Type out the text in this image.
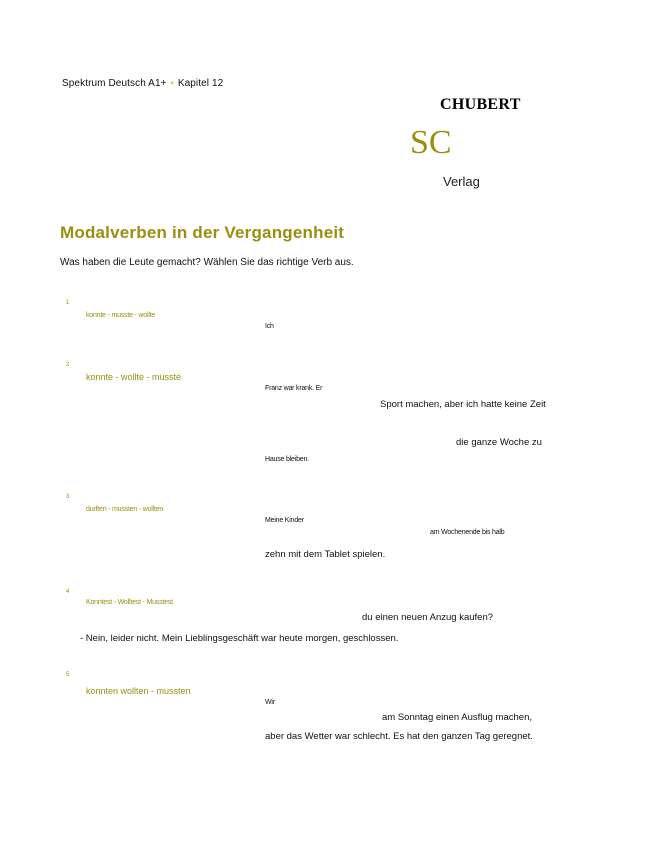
Spektrum Deutsch A1+ • Kapitel 12
CHUBERT
SC
Verlag
Modalverben in der Vergangenheit
Was haben die Leute gemacht? Wählen Sie das richtige Verb aus.
1
konnte - musste - wollte
Ich
2
konnte - wollte - musste
Franz war krank. Er
Sport machen, aber ich hatte keine Zeit
die ganze Woche zu
Hause bleiben.
3
durften - mussten - wollten
Meine Kinder
am Wochenende bis halb
zehn mit dem Tablet spielen.
4
Konntest - Wolltest - Musstest
du einen neuen Anzug kaufen?
- Nein, leider nicht. Mein Lieblingsgeschäft war heute morgen, geschlossen.
5
konnten wollten - mussten
Wir
am Sonntag einen Ausflug machen,
aber das Wetter war schlecht. Es hat den ganzen Tag geregnet.
